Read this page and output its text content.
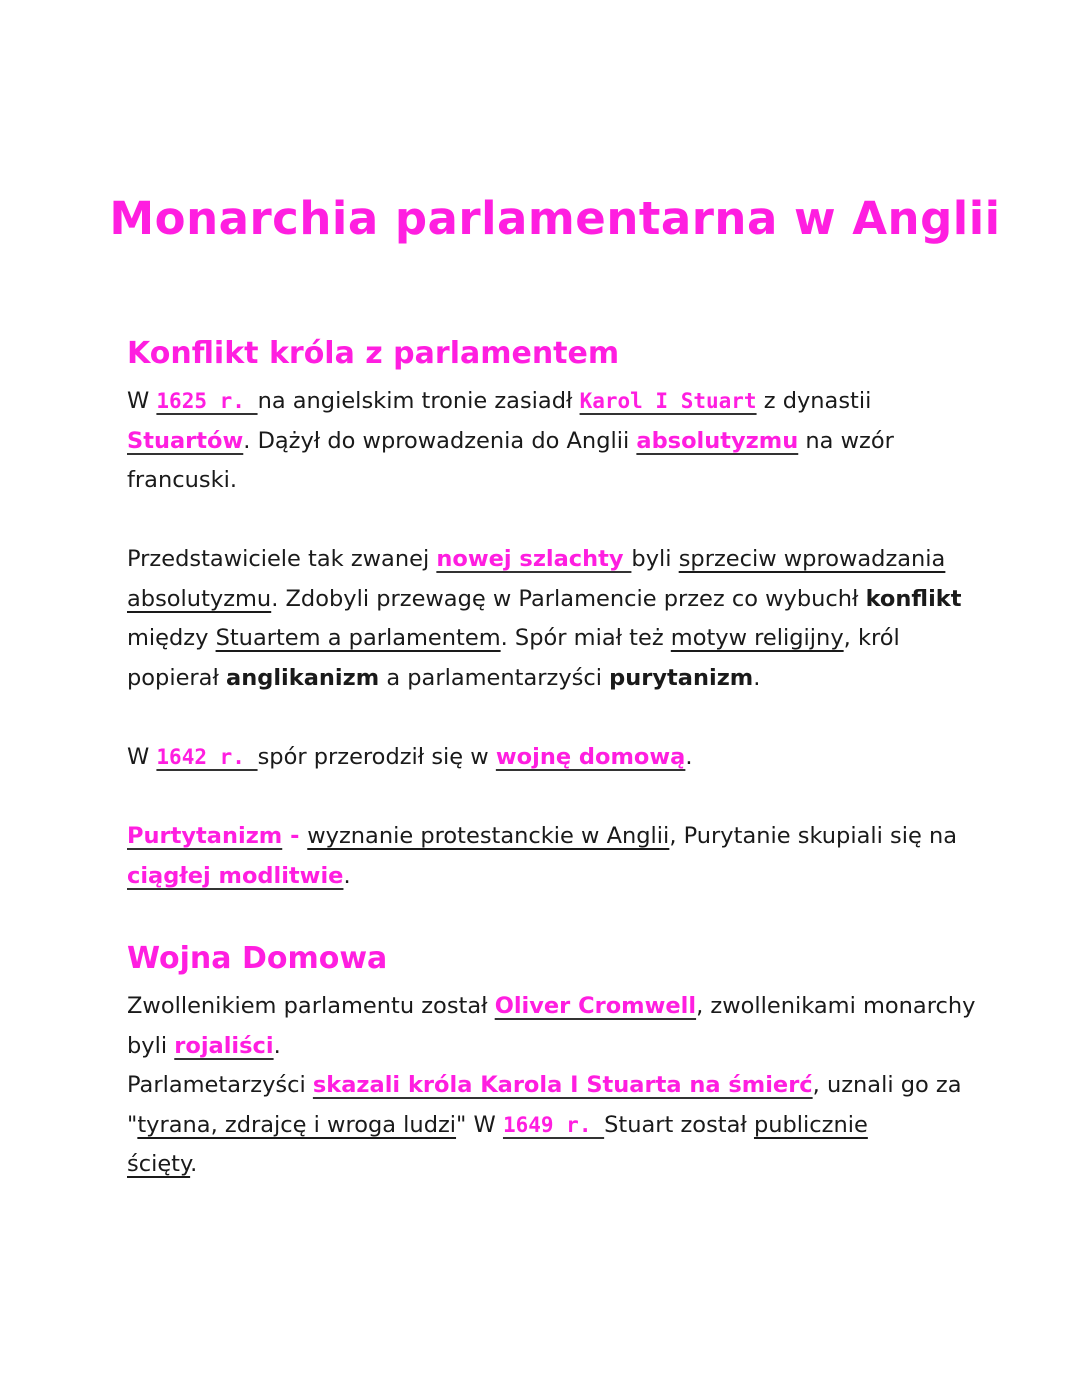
Monarchia parlamentarna w Anglii
Konflikt króla z parlamentem
W 1625 r. na angielskim tronie zasiadł Karol I Stuart z dynastii
Stuartów. Dążył do wprowadzenia do Anglii absolutyzmu na wzór
francuski.
Przedstawiciele tak zwanej nowej szlachty byli sprzeciw wprowadzania
absolutyzmu. Zdobyli przewagę w Parlamencie przez co wybuchł konflikt
między Stuartem a parlamentem. Spór miał też motyw religijny, król
popierał anglikanizm a parlamentarzyści purytanizm.
W 1642 r. spór przerodził się w wojnę domową.
Purtytanizm - wyznanie protestanckie w Anglii, Purytanie skupiali się na
ciągłej modlitwie.
Wojna Domowa
Zwollenikiem parlamentu został Oliver Cromwell, zwollenikami monarchy
byli rojaliści.
Parlametarzyści skazali króla Karola I Stuarta na śmierć, uznali go za
"tyrana, zdrajcę i wroga ludzi" W 1649 r. Stuart został publicznie
ścięty.
